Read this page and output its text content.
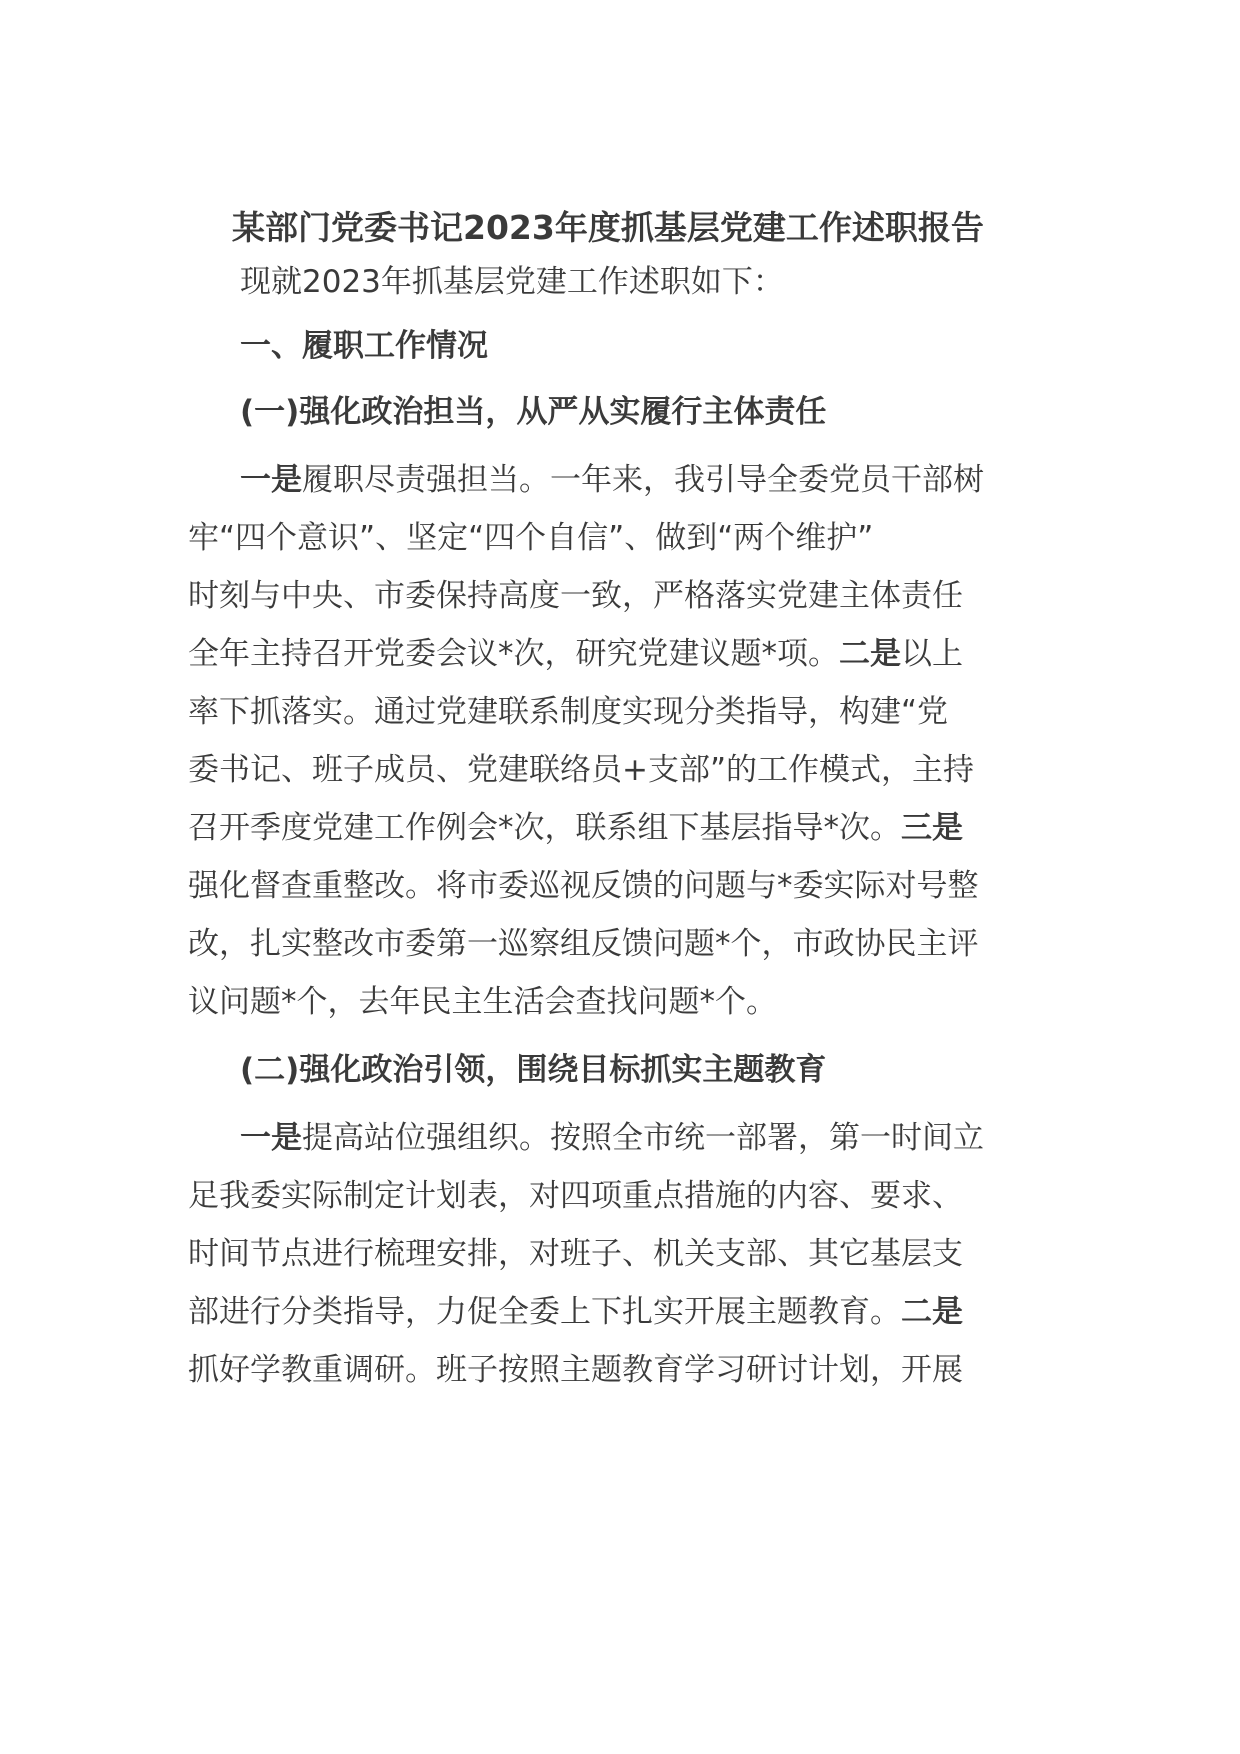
某部门党委书记2023年度抓基层党建工作述职报告
现就2023年抓基层党建工作述职如下：
一、履职工作情况
(一)强化政治担当，从严从实履行主体责任
一是履职尽责强担当。一年来，我引导全委党员干部树
牢“四个意识”、坚定“四个自信”、做到“两个维护”
时刻与中央、市委保持高度一致，严格落实党建主体责任
全年主持召开党委会议*次，研究党建议题*项。二是以上
率下抓落实。通过党建联系制度实现分类指导，构建“党
委书记、班子成员、党建联络员+支部”的工作模式，主持
召开季度党建工作例会*次，联系组下基层指导*次。三是
强化督查重整改。将市委巡视反馈的问题与*委实际对号整
改，扎实整改市委第一巡察组反馈问题*个，市政协民主评
议问题*个，去年民主生活会查找问题*个。
(二)强化政治引领，围绕目标抓实主题教育
一是提高站位强组织。按照全市统一部署，第一时间立
足我委实际制定计划表，对四项重点措施的内容、要求、
时间节点进行梳理安排，对班子、机关支部、其它基层支
部进行分类指导，力促全委上下扎实开展主题教育。二是
抓好学教重调研。班子按照主题教育学习研讨计划，开展
